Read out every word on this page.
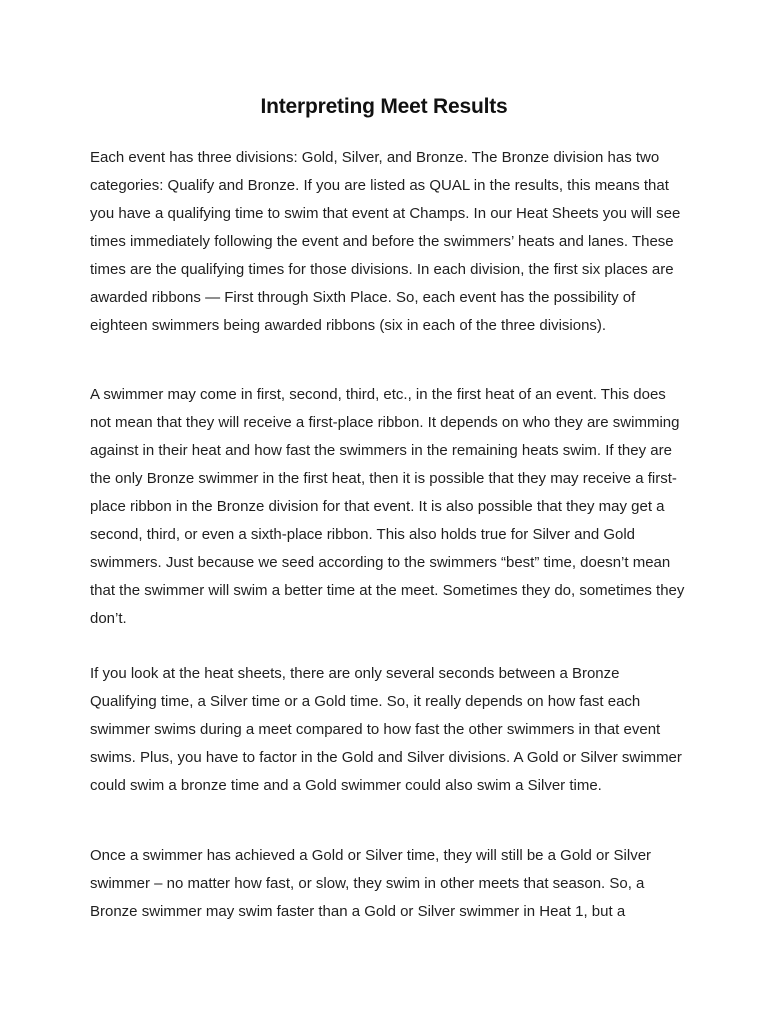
Interpreting Meet Results

Each event has three divisions: Gold, Silver, and Bronze. The Bronze division has two categories: Qualify and Bronze. If you are listed as QUAL in the results, this means that you have a qualifying time to swim that event at Champs. In our Heat Sheets you will see times immediately following the event and before the swimmers’ heats and lanes. These times are the qualifying times for those divisions. In each division, the first six places are awarded ribbons — First through Sixth Place. So, each event has the possibility of eighteen swimmers being awarded ribbons (six in each of the three divisions).

A swimmer may come in first, second, third, etc., in the first heat of an event. This does not mean that they will receive a first-place ribbon. It depends on who they are swimming against in their heat and how fast the swimmers in the remaining heats swim. If they are the only Bronze swimmer in the first heat, then it is possible that they may receive a first-place ribbon in the Bronze division for that event. It is also possible that they may get a second, third, or even a sixth-place ribbon. This also holds true for Silver and Gold swimmers. Just because we seed according to the swimmers “best” time, doesn’t mean that the swimmer will swim a better time at the meet. Sometimes they do, sometimes they don’t.

If you look at the heat sheets, there are only several seconds between a Bronze Qualifying time, a Silver time or a Gold time. So, it really depends on how fast each swimmer swims during a meet compared to how fast the other swimmers in that event swims. Plus, you have to factor in the Gold and Silver divisions. A Gold or Silver swimmer could swim a bronze time and a Gold swimmer could also swim a Silver time.

Once a swimmer has achieved a Gold or Silver time, they will still be a Gold or Silver swimmer – no matter how fast, or slow, they swim in other meets that season. So, a Bronze swimmer may swim faster than a Gold or Silver swimmer in Heat 1, but a
